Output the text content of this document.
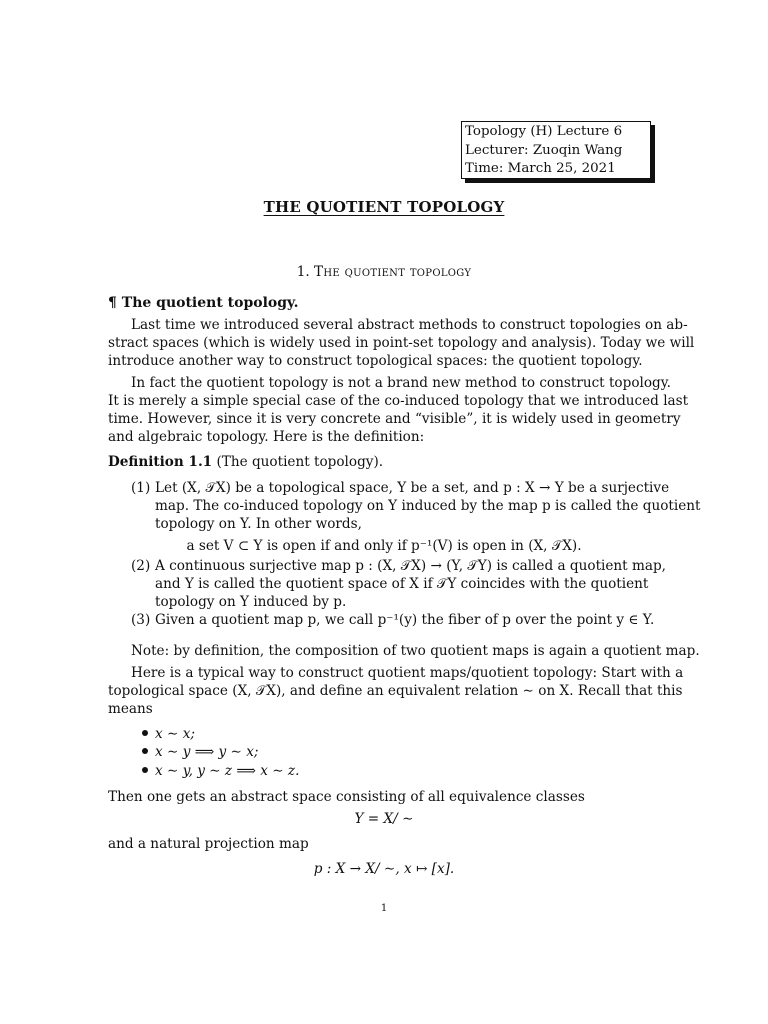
Topology (H) Lecture 6
Lecturer: Zuoqin Wang
Time: March 25, 2021
THE QUOTIENT TOPOLOGY
1. The quotient topology
¶ The quotient topology.
Last time we introduced several abstract methods to construct topologies on ab-
stract spaces (which is widely used in point-set topology and analysis). Today we will
introduce another way to construct topological spaces: the quotient topology.
In fact the quotient topology is not a brand new method to construct topology.
It is merely a simple special case of the co-induced topology that we introduced last
time. However, since it is very concrete and “visible”, it is widely used in geometry
and algebraic topology. Here is the definition:
Definition 1.1 (The quotient topology).
(1) Let (X, 𝒯X) be a topological space, Y be a set, and p : X → Y be a surjective
map. The co-induced topology on Y induced by the map p is called the quotient
topology on Y. In other words,
a set V ⊂ Y is open if and only if p⁻¹(V) is open in (X, 𝒯X).
(2) A continuous surjective map p : (X, 𝒯X) → (Y, 𝒯Y) is called a quotient map,
and Y is called the quotient space of X if 𝒯Y coincides with the quotient
topology on Y induced by p.
(3) Given a quotient map p, we call p⁻¹(y) the fiber of p over the point y ∈ Y.
Note: by definition, the composition of two quotient maps is again a quotient map.
Here is a typical way to construct quotient maps/quotient topology: Start with a
topological space (X, 𝒯X), and define an equivalent relation ∼ on X. Recall that this
means
x ∼ x;
x ∼ y ⟹ y ∼ x;
x ∼ y, y ∼ z ⟹ x ∼ z.
Then one gets an abstract space consisting of all equivalence classes
Y = X/ ∼
and a natural projection map
p : X → X/ ∼, x ↦ [x].
1
